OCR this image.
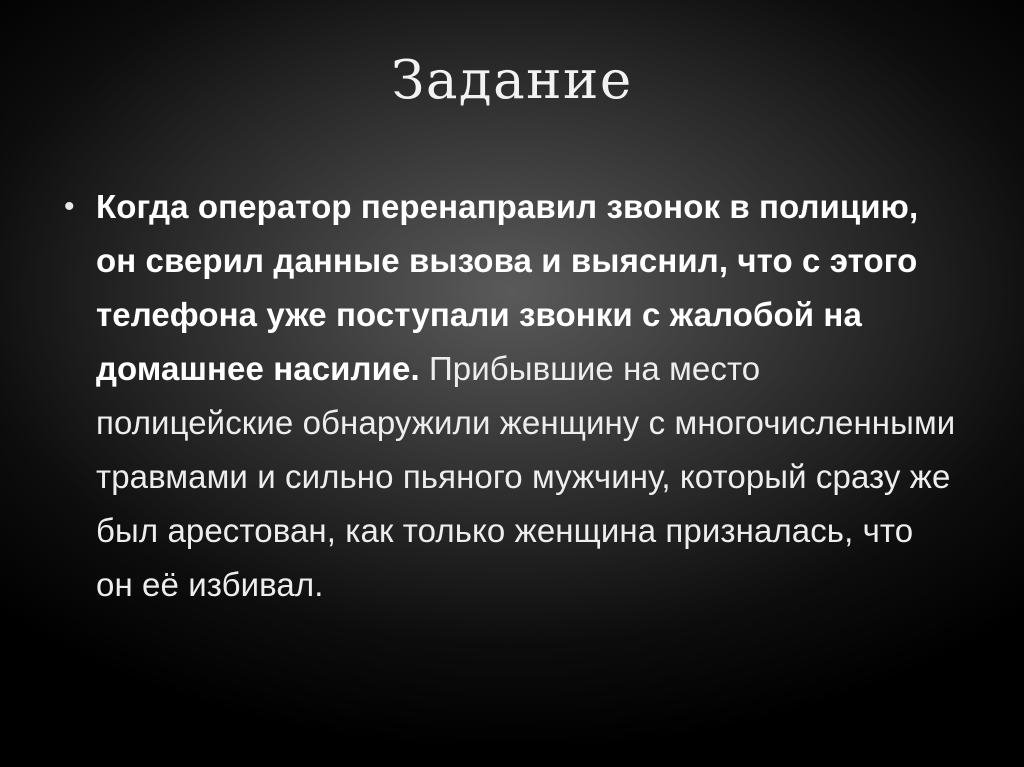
Задание
• Когда оператор перенаправил звонок в полицию, он сверил данные вызова и выяснил, что с этого телефона уже поступали звонки с жалобой на домашнее насилие. Прибывшие на место полицейские обнаружили женщину с многочисленными травмами и сильно пьяного мужчину, который сразу же был арестован, как только женщина призналась, что он её избивал.
